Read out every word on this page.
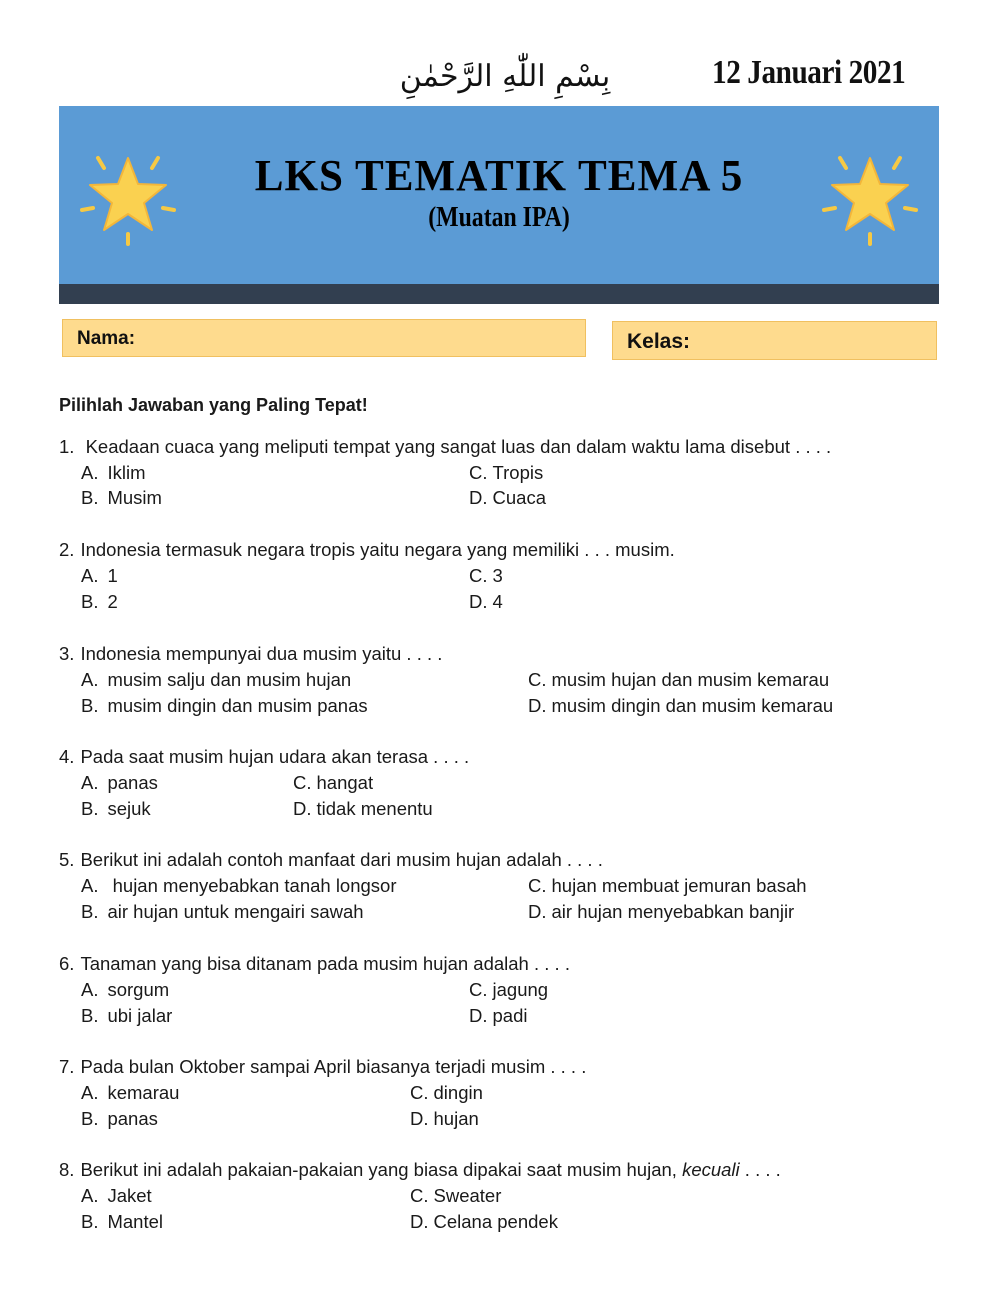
بِسْمِ اللّٰهِ الرَّحْمٰنِ	12 Januari 2021
LKS TEMATIK TEMA 5
(Muatan IPA)
Nama:	Kelas:
Pilihlah Jawaban yang Paling Tepat!
1. Keadaan cuaca yang meliputi tempat yang sangat luas dan dalam waktu lama disebut . . . .
A. Iklim	C. Tropis
B. Musim	D. Cuaca
2. Indonesia termasuk negara tropis yaitu negara yang memiliki . . . musim.
A. 1	C. 3
B. 2	D. 4
3. Indonesia mempunyai dua musim yaitu . . . .
A. musim salju dan musim hujan	C. musim hujan dan musim kemarau
B. musim dingin dan musim panas	D. musim dingin dan musim kemarau
4. Pada saat musim hujan udara akan terasa . . . .
A. panas	C. hangat
B. sejuk	D. tidak menentu
5. Berikut ini adalah contoh manfaat dari musim hujan adalah . . . .
A. hujan menyebabkan tanah longsor	C. hujan membuat jemuran basah
B. air hujan untuk mengairi sawah	D. air hujan menyebabkan banjir
6. Tanaman yang bisa ditanam pada musim hujan adalah . . . .
A. sorgum	C. jagung
B. ubi jalar	D. padi
7. Pada bulan Oktober sampai April biasanya terjadi musim . . . .
A. kemarau	C. dingin
B. panas	D. hujan
8. Berikut ini adalah pakaian-pakaian yang biasa dipakai saat musim hujan, kecuali . . . .
A. Jaket	C. Sweater
B. Mantel	D. Celana pendek
